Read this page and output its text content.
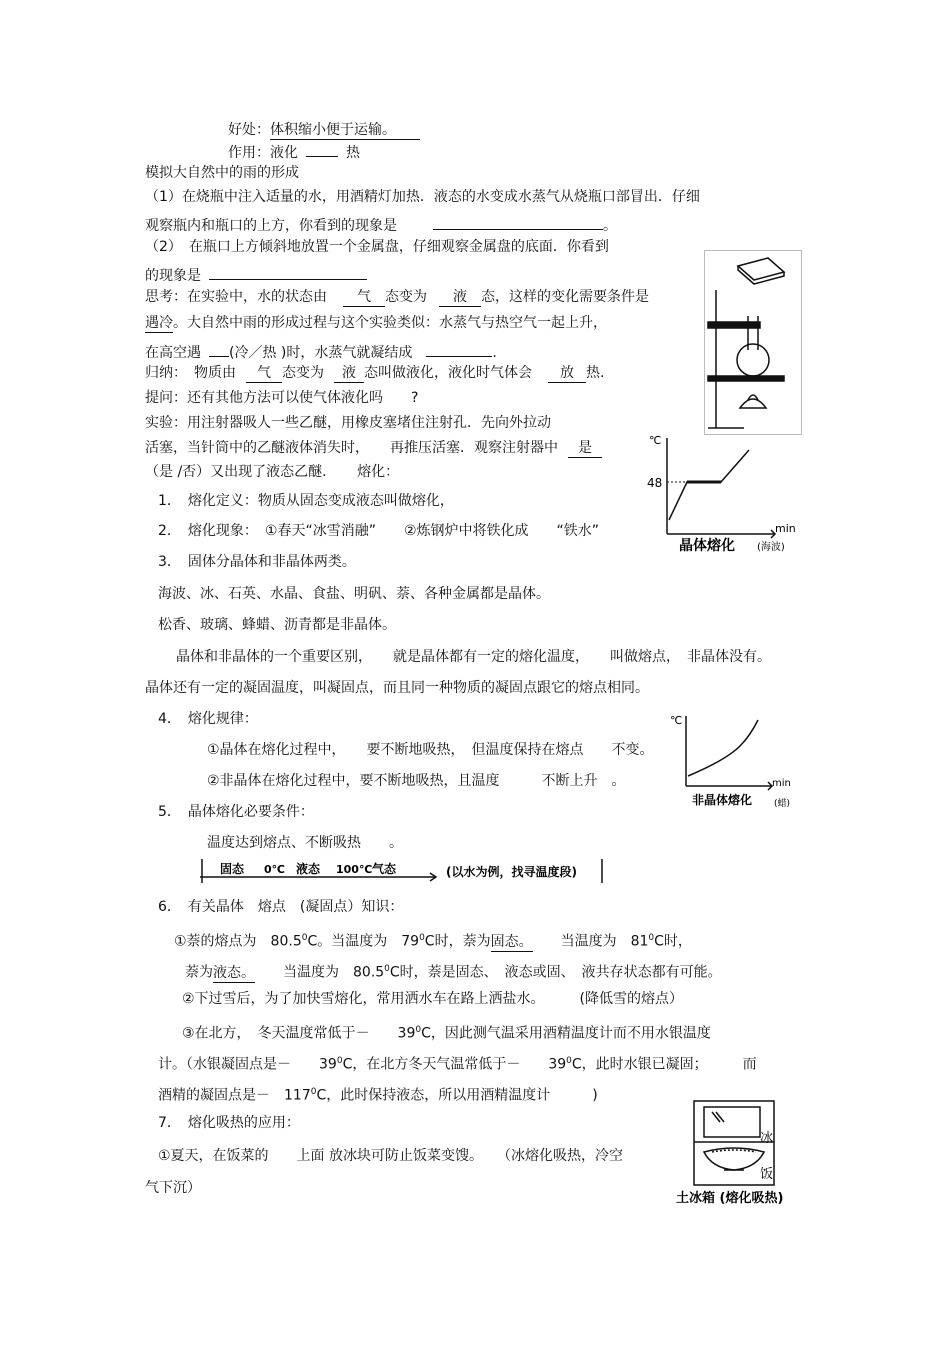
好处：体积缩小便于运输。
作用：液化	热
模拟大自然中的雨的形成
（1）在烧瓶中注入适量的水，用酒精灯加热．液态的水变成水蒸气从烧瓶口部冒出．仔细
观察瓶内和瓶口的上方，你看到的现象是	。
（2）　在瓶口上方倾斜地放置一个金属盘，仔细观察金属盘的底面．你看到
的现象是
思考：在实验中，水的状态由 气 态变为 液 态，这样的变化需要条件是
遇冷。大自然中雨的形成过程与这个实验类似：水蒸气与热空气一起上升，
在高空遇 (冷／热 )时，水蒸气就凝结成	.
归纳：　 物质由 气 态变为 液 态叫做液化，液化时气体会 放 热.
提问：还有其他方法可以使气体液化吗　　?
实验：用注射器吸人一些乙醚，用橡皮塞堵住注射孔．先向外拉动
活塞，当针筒中的乙醚液体消失时，　　再推压活塞．观察注射器中 是
（是 /否）又出现了液态乙醚．　　熔化：
1．　熔化定义：物质从固态变成液态叫做熔化，
2．　熔化现象：　①春天“冰雪消融”　　②炼钢炉中将铁化成　　“铁水”
3．　固体分晶体和非晶体两类。
海波、冰、石英、水晶、食盐、明矾、萘、各种金属都是晶体。
松香、玻璃、蜂蜡、沥青都是非晶体。
晶体和非晶体的一个重要区别，　　就是晶体都有一定的熔化温度，　　叫做熔点，　非晶体没有。
晶体还有一定的凝固温度，叫凝固点，而且同一种物质的凝固点跟它的熔点相同。
4．　熔化规律：
①晶体在熔化过程中，　　要不断地吸热，　但温度保持在熔点　　不变。
②非晶体在熔化过程中，要不断地吸热，且温度　　　不断上升　。
5．　晶体熔化必要条件：
温度达到熔点、不断吸热　　。
6．　有关晶体　熔点　(凝固点）知识：
①萘的熔点为　80.5$^0$C。当温度为　$79^0C$时，萘为固态。　　当温度为　$81^0C$时，
萘为液态。　　当温度为　80.5$^0$C时，萘是固态、　液态或固、　液共存状态都有可能。
②下过雪后，为了加快雪熔化，常用洒水车在路上洒盐水。　　　(降低雪的熔点）
③在北方，　冬天温度常低于－　　$39^0C$，因此测气温采用酒精温度计而不用水银温度
计。（水银凝固点是－　　$39^0C$，在北方冬天气温常低于－　　$39^0C$，此时水银已凝固；　　　而
酒精的凝固点是－　$117^0C$，此时保持液态，所以用酒精温度计　　　)
7．　熔化吸热的应用：
①夏天，在饭菜的　　上面 放冰块可防止饭菜变馊。　　（冰熔化吸热，冷空
气下沉）
℃
48
min
晶体熔化 (海波)
℃
min
非晶体熔化 (蜡)
固态 0℃ 液态 100℃ 气态	(以水为例，找寻温度段)
冰
饭
土冰箱 (熔化吸热)
